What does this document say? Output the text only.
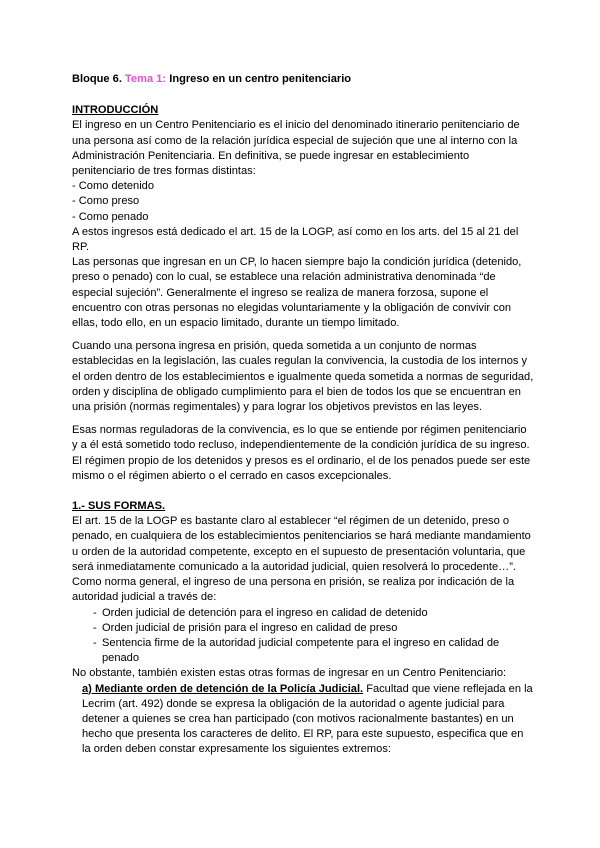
Bloque 6. Tema 1: Ingreso en un centro penitenciario

INTRODUCCIÓN

El ingreso en un Centro Penitenciario es el inicio del denominado itinerario penitenciario de una persona así como de la relación jurídica especial de sujeción que une al interno con la Administración Penitenciaria. En definitiva, se puede ingresar en establecimiento penitenciario de tres formas distintas:

- Como detenido

- Como preso

- Como penado

A estos ingresos está dedicado el art. 15 de la LOGP, así como en los arts. del 15 al 21 del RP.

Las personas que ingresan en un CP, lo hacen siempre bajo la condición jurídica (detenido, preso o penado) con lo cual, se establece una relación administrativa denominada “de especial sujeción”. Generalmente el ingreso se realiza de manera forzosa, supone el encuentro con otras personas no elegidas voluntariamente y la obligación de convivir con ellas, todo ello, en un espacio limitado, durante un tiempo limitado.

Cuando una persona ingresa en prisión, queda sometida a un conjunto de normas establecidas en la legislación, las cuales regulan la convivencia, la custodia de los internos y el orden dentro de los establecimientos e igualmente queda sometida a normas de seguridad, orden y disciplina de obligado cumplimiento para el bien de todos los que se encuentran en una prisión (normas regimentales) y para lograr los objetivos previstos en las leyes.

Esas normas reguladoras de la convivencia, es lo que se entiende por régimen penitenciario y a él está sometido todo recluso, independientemente de la condición jurídica de su ingreso. El régimen propio de los detenidos y presos es el ordinario, el de los penados puede ser este mismo o el régimen abierto o el cerrado en casos excepcionales.

1.- SUS FORMAS.

El art. 15 de la LOGP es bastante claro al establecer “el régimen de un detenido, preso o penado, en cualquiera de los establecimientos penitenciarios se hará mediante mandamiento u orden de la autoridad competente, excepto en el supuesto de presentación voluntaria, que será inmediatamente comunicado a la autoridad judicial, quien resolverá lo procedente…”. Como norma general, el ingreso de una persona en prisión, se realiza por indicación de la autoridad judicial a través de:

- Orden judicial de detención para el ingreso en calidad de detenido
- Orden judicial de prisión para el ingreso en calidad de preso
- Sentencia firme de la autoridad judicial competente para el ingreso en calidad de penado

No obstante, también existen estas otras formas de ingresar en un Centro Penitenciario:

a) Mediante orden de detención de la Policía Judicial. Facultad que viene reflejada en la Lecrim (art. 492) donde se expresa la obligación de la autoridad o agente judicial para detener a quienes se crea han participado (con motivos racionalmente bastantes) en un hecho que presenta los caracteres de delito. El RP, para este supuesto, especifica que en la orden deben constar expresamente los siguientes extremos:
